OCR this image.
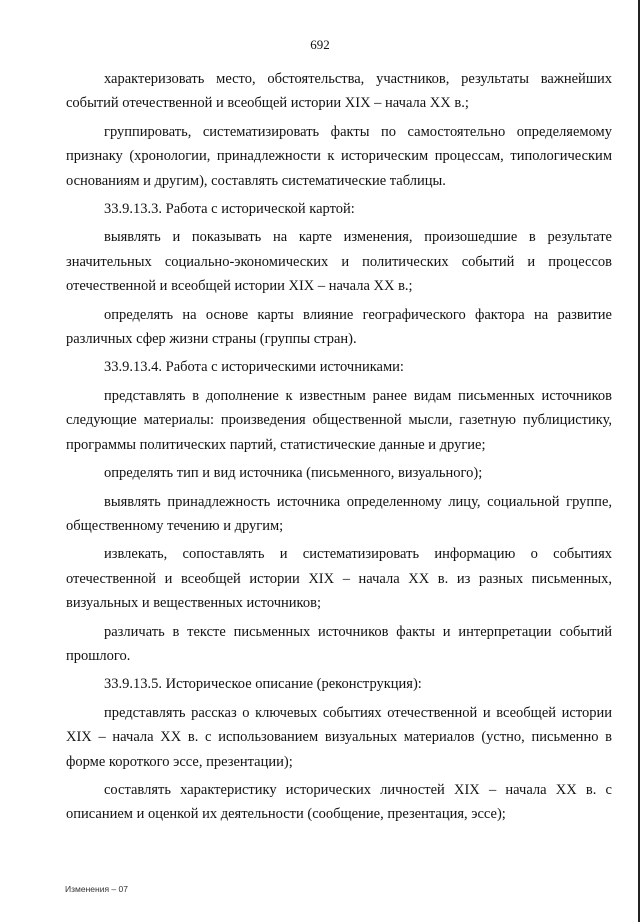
692

характеризовать место, обстоятельства, участников, результаты важнейших событий отечественной и всеобщей истории XIX – начала XX в.;

группировать, систематизировать факты по самостоятельно определяемому признаку (хронологии, принадлежности к историческим процессам, типологическим основаниям и другим), составлять систематические таблицы.

33.9.13.3. Работа с исторической картой:

выявлять и показывать на карте изменения, произошедшие в результате значительных социально-экономических и политических событий и процессов отечественной и всеобщей истории XIX – начала XX в.;

определять на основе карты влияние географического фактора на развитие различных сфер жизни страны (группы стран).

33.9.13.4. Работа с историческими источниками:

представлять в дополнение к известным ранее видам письменных источников следующие материалы: произведения общественной мысли, газетную публицистику, программы политических партий, статистические данные и другие;

определять тип и вид источника (письменного, визуального);

выявлять принадлежность источника определенному лицу, социальной группе, общественному течению и другим;

извлекать, сопоставлять и систематизировать информацию о событиях отечественной и всеобщей истории XIX – начала XX в. из разных письменных, визуальных и вещественных источников;

различать в тексте письменных источников факты и интерпретации событий прошлого.

33.9.13.5. Историческое описание (реконструкция):

представлять рассказ о ключевых событиях отечественной и всеобщей истории XIX – начала XX в. с использованием визуальных материалов (устно, письменно в форме короткого эссе, презентации);

составлять характеристику исторических личностей XIX – начала XX в. с описанием и оценкой их деятельности (сообщение, презентация, эссе);

Изменения – 07
